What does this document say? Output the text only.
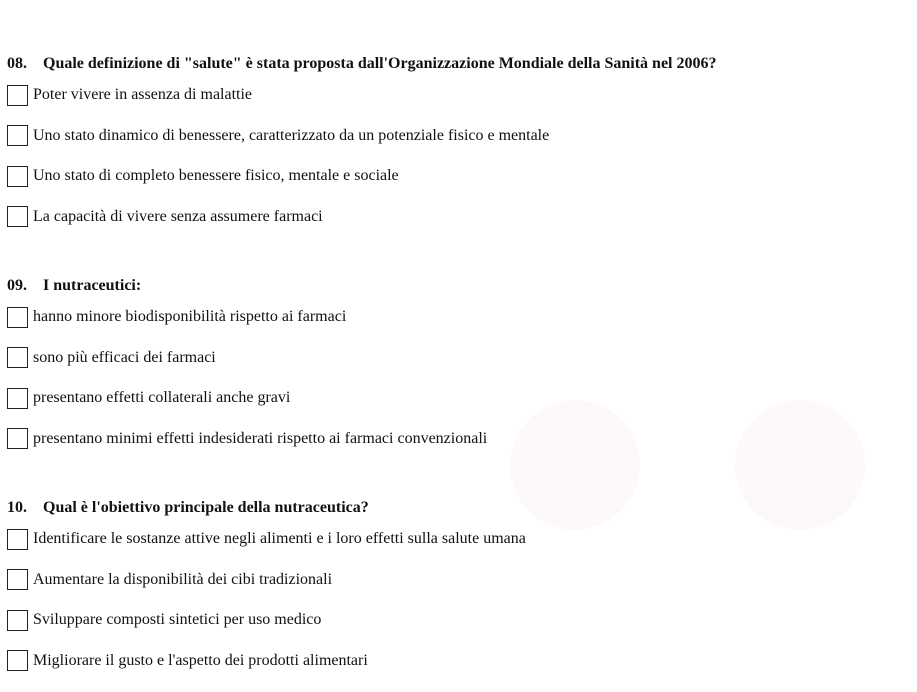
08. Quale definizione di "salute" è stata proposta dall'Organizzazione Mondiale della Sanità nel 2006?
Poter vivere in assenza di malattie
Uno stato dinamico di benessere, caratterizzato da un potenziale fisico e mentale
Uno stato di completo benessere fisico, mentale e sociale
La capacità di vivere senza assumere farmaci
09. I nutraceutici:
hanno minore biodisponibilità rispetto ai farmaci
sono più efficaci dei farmaci
presentano effetti collaterali anche gravi
presentano minimi effetti indesiderati rispetto ai farmaci convenzionali
10. Qual è l'obiettivo principale della nutraceutica?
Identificare le sostanze attive negli alimenti e i loro effetti sulla salute umana
Aumentare la disponibilità dei cibi tradizionali
Sviluppare composti sintetici per uso medico
Migliorare il gusto e l'aspetto dei prodotti alimentari
